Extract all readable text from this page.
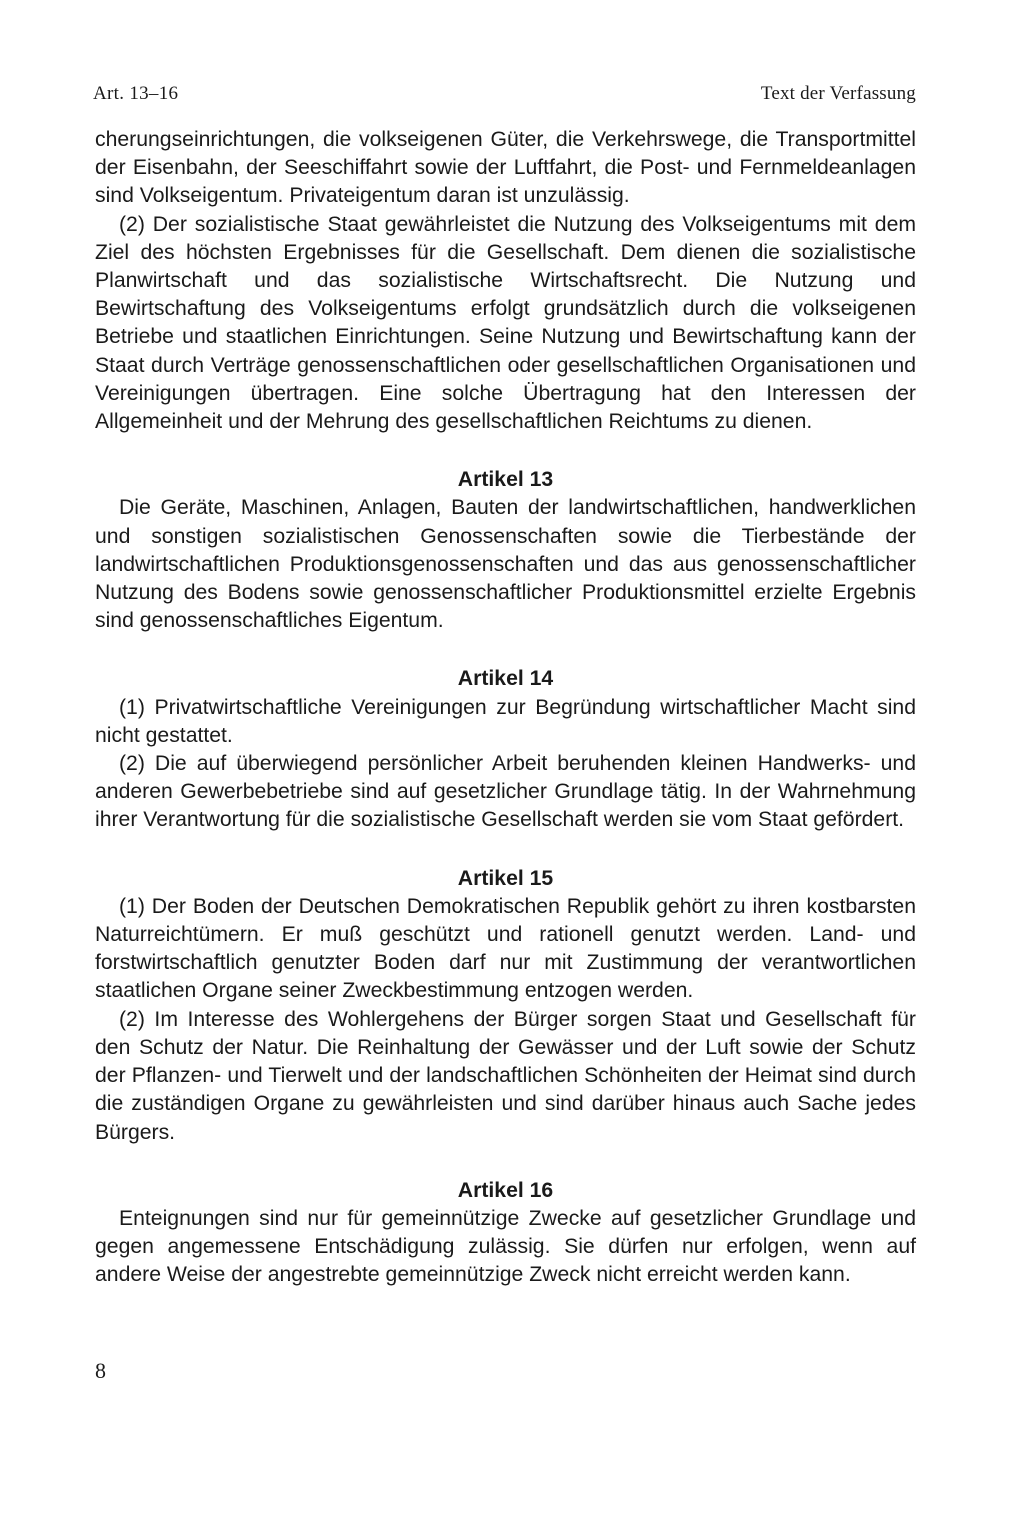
Art. 13–16	Text der Verfassung

cherungseinrichtungen, die volkseigenen Güter, die Verkehrswege, die Transportmittel der Eisenbahn, der Seeschiffahrt sowie der Luftfahrt, die Post- und Fernmeldeanlagen sind Volkseigentum. Privateigentum daran ist unzulässig.

(2) Der sozialistische Staat gewährleistet die Nutzung des Volkseigentums mit dem Ziel des höchsten Ergebnisses für die Gesellschaft. Dem dienen die sozialistische Planwirtschaft und das sozialistische Wirtschaftsrecht. Die Nutzung und Bewirtschaftung des Volkseigentums erfolgt grundsätzlich durch die volkseigenen Betriebe und staatlichen Einrichtungen. Seine Nutzung und Bewirtschaftung kann der Staat durch Verträge genossenschaftlichen oder gesellschaftlichen Organisationen und Vereinigungen übertragen. Eine solche Übertragung hat den Interessen der Allgemeinheit und der Mehrung des gesellschaftlichen Reichtums zu dienen.

Artikel 13

Die Geräte, Maschinen, Anlagen, Bauten der landwirtschaftlichen, handwerklichen und sonstigen sozialistischen Genossenschaften sowie die Tierbestände der landwirtschaftlichen Produktionsgenossenschaften und das aus genossenschaftlicher Nutzung des Bodens sowie genossenschaftlicher Produktionsmittel erzielte Ergebnis sind genossenschaftliches Eigentum.

Artikel 14

(1) Privatwirtschaftliche Vereinigungen zur Begründung wirtschaftlicher Macht sind nicht gestattet.

(2) Die auf überwiegend persönlicher Arbeit beruhenden kleinen Handwerks- und anderen Gewerbebetriebe sind auf gesetzlicher Grundlage tätig. In der Wahrnehmung ihrer Verantwortung für die sozialistische Gesellschaft werden sie vom Staat gefördert.

Artikel 15

(1) Der Boden der Deutschen Demokratischen Republik gehört zu ihren kostbarsten Naturreichtümern. Er muß geschützt und rationell genutzt werden. Land- und forstwirtschaftlich genutzter Boden darf nur mit Zustimmung der verantwortlichen staatlichen Organe seiner Zweckbestimmung entzogen werden.

(2) Im Interesse des Wohlergehens der Bürger sorgen Staat und Gesellschaft für den Schutz der Natur. Die Reinhaltung der Gewässer und der Luft sowie der Schutz der Pflanzen- und Tierwelt und der landschaftlichen Schönheiten der Heimat sind durch die zuständigen Organe zu gewährleisten und sind darüber hinaus auch Sache jedes Bürgers.

Artikel 16

Enteignungen sind nur für gemeinnützige Zwecke auf gesetzlicher Grundlage und gegen angemessene Entschädigung zulässig. Sie dürfen nur erfolgen, wenn auf andere Weise der angestrebte gemeinnützige Zweck nicht erreicht werden kann.

8
